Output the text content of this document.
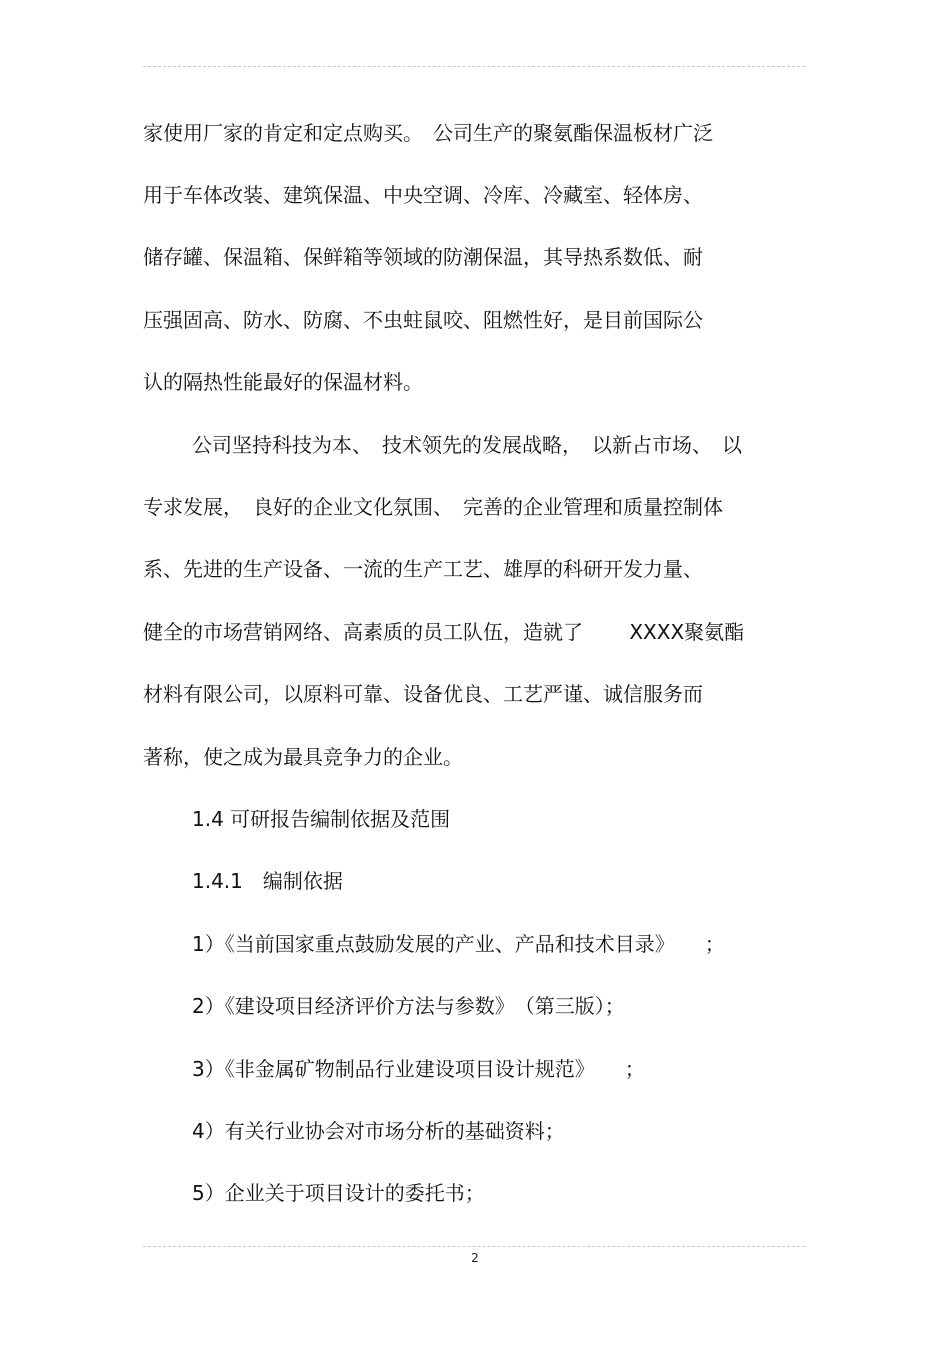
家使用厂家的肯定和定点购买。　公司生产的聚氨酯保温板材广泛
用于车体改装、建筑保温、中央空调、冷库、冷藏室、轻体房、
储存罐、保温箱、保鲜箱等领域的防潮保温，其导热系数低、耐
压强固高、防水、防腐、不虫蛀鼠咬、阻燃性好，是目前国际公
认的隔热性能最好的保温材料。
公司坚持科技为本、　技术领先的发展战略，　以新占市场、　以
专求发展，　良好的企业文化氛围、　完善的企业管理和质量控制体
系、先进的生产设备、一流的生产工艺、雄厚的科研开发力量、
健全的市场营销网络、高素质的员工队伍，造就了　　 XXXX聚氨酯
材料有限公司，以原料可靠、设备优良、工艺严谨、诚信服务而
著称，使之成为最具竞争力的企业。
1.4 可研报告编制依据及范围
1.4.1　编制依据
1）《当前国家重点鼓励发展的产业、产品和技术目录》　　；
2）《建设项目经济评价方法与参数》　（第三版）；
3）《非金属矿物制品行业建设项目设计规范》　　；
4）有关行业协会对市场分析的基础资料；
5）企业关于项目设计的委托书；
2
